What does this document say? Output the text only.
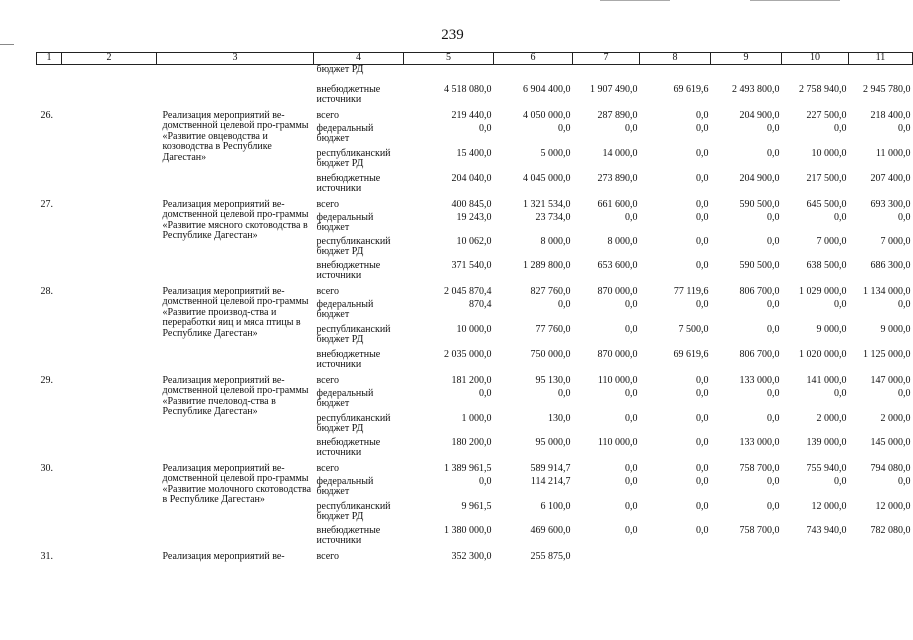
239
1	2	3	4	5	6	7	8	9	10	11
			бюджет РД							
			внебюджетные источники	4 518 080,0	6 904 400,0	1 907 490,0	69 619,6	2 493 800,0	2 758 940,0	2 945 780,0
26.		Реализация мероприятий ве-домственной целевой про-граммы «Развитие овцеводства и козоводства в Республике Дагестан»	всего	219 440,0	4 050 000,0	287 890,0	0,0	204 900,0	227 500,0	218 400,0
			федеральный бюджет	0,0	0,0	0,0	0,0	0,0	0,0	0,0
			республиканский бюджет РД	15 400,0	5 000,0	14 000,0	0,0	0,0	10 000,0	11 000,0
			внебюджетные источники	204 040,0	4 045 000,0	273 890,0	0,0	204 900,0	217 500,0	207 400,0
27.		Реализация мероприятий ве-домственной целевой про-граммы «Развитие мясного скотоводства в Республике Дагестан»	всего	400 845,0	1 321 534,0	661 600,0	0,0	590 500,0	645 500,0	693 300,0
			федеральный бюджет	19 243,0	23 734,0	0,0	0,0	0,0	0,0	0,0
			республиканский бюджет РД	10 062,0	8 000,0	8 000,0	0,0	0,0	7 000,0	7 000,0
			внебюджетные источники	371 540,0	1 289 800,0	653 600,0	0,0	590 500,0	638 500,0	686 300,0
28.		Реализация мероприятий ве-домственной целевой про-граммы «Развитие производ-ства и переработки яиц и мяса птицы в Республике Дагестан»	всего	2 045 870,4	827 760,0	870 000,0	77 119,6	806 700,0	1 029 000,0	1 134 000,0
			федеральный бюджет	870,4	0,0	0,0	0,0	0,0	0,0	0,0
			республиканский бюджет РД	10 000,0	77 760,0	0,0	7 500,0	0,0	9 000,0	9 000,0
			внебюджетные источники	2 035 000,0	750 000,0	870 000,0	69 619,6	806 700,0	1 020 000,0	1 125 000,0
29.		Реализация мероприятий ве-домственной целевой про-граммы «Развитие пчеловод-ства в Республике Дагестан»	всего	181 200,0	95 130,0	110 000,0	0,0	133 000,0	141 000,0	147 000,0
			федеральный бюджет	0,0	0,0	0,0	0,0	0,0	0,0	0,0
			республиканский бюджет РД	1 000,0	130,0	0,0	0,0	0,0	2 000,0	2 000,0
			внебюджетные источники	180 200,0	95 000,0	110 000,0	0,0	133 000,0	139 000,0	145 000,0
30.		Реализация мероприятий ве-домственной целевой про-граммы «Развитие молочного скотоводства в Республике Дагестан»	всего	1 389 961,5	589 914,7	0,0	0,0	758 700,0	755 940,0	794 080,0
			федеральный бюджет	0,0	114 214,7	0,0	0,0	0,0	0,0	0,0
			республиканский бюджет РД	9 961,5	6 100,0	0,0	0,0	0,0	12 000,0	12 000,0
			внебюджетные источники	1 380 000,0	469 600,0	0,0	0,0	758 700,0	743 940,0	782 080,0
31.		Реализация мероприятий ве-	всего	352 300,0	255 875,0					
